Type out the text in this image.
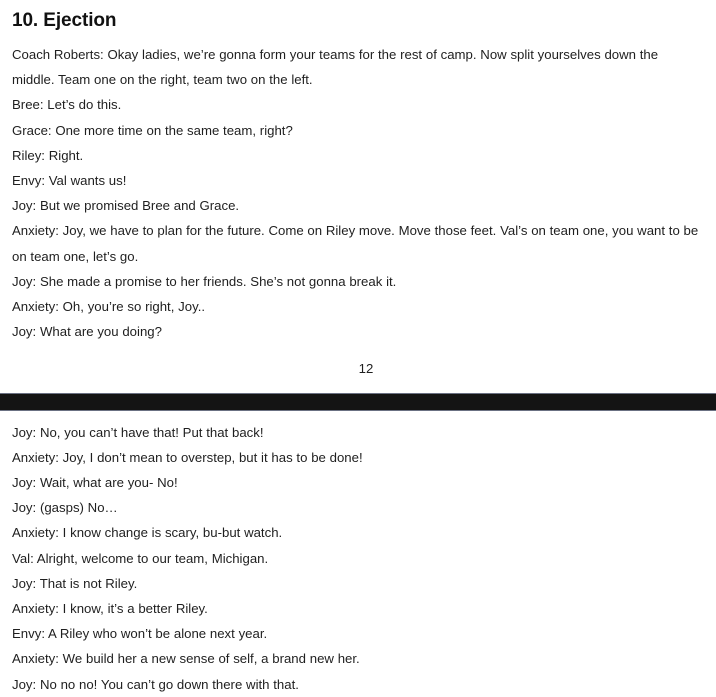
10. Ejection

Coach Roberts: Okay ladies, we’re gonna form your teams for the rest of camp. Now split yourselves down the middle. Team one on the right, team two on the left.

Bree: Let’s do this.

Grace: One more time on the same team, right?

Riley: Right.

Envy: Val wants us!

Joy: But we promised Bree and Grace.

Anxiety: Joy, we have to plan for the future. Come on Riley move. Move those feet. Val’s on team one, you want to be on team one, let’s go.

Joy: She made a promise to her friends. She’s not gonna break it.

Anxiety: Oh, you’re so right, Joy..

Joy: What are you doing?

12

Joy: No, you can’t have that! Put that back!

Anxiety: Joy, I don’t mean to overstep, but it has to be done!

Joy: Wait, what are you- No!

Joy: (gasps) No…

Anxiety: I know change is scary, bu-but watch.

Val: Alright, welcome to our team, Michigan.

Joy: That is not Riley.

Anxiety: I know, it’s a better Riley.

Envy: A Riley who won’t be alone next year.

Anxiety: We build her a new sense of self, a brand new her.

Joy: No no no! You can’t go down there with that.
